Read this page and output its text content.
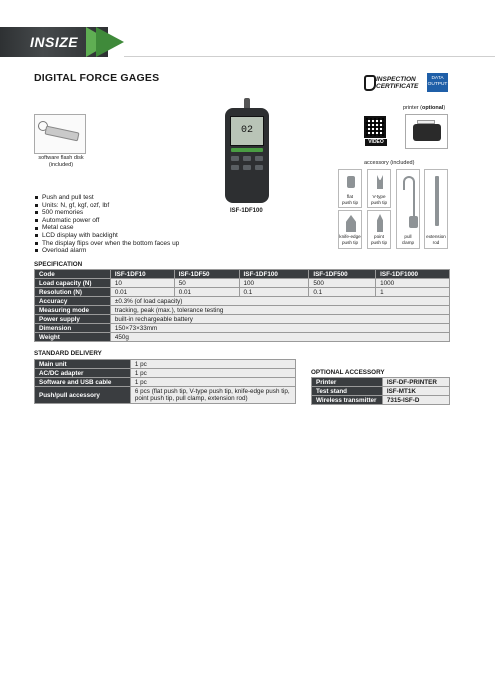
INSIZE
DIGITAL FORCE GAGES	INSPECTION
CERTIFICATE
DATA
OUTPUT
software flash disk
(included)
02
ISF-1DF100
VIDEO
printer (optional)
accessory (included)
flat
push tip
V-type
push tip
pull
clamp
extension
rod
knife-edge
push tip
point
push tip
Push and pull test
Units: N, gf, kgf, ozf, lbf
500 memories
Automatic power off
Metal case
LCD display with backlight
The display flips over when the bottom faces up
Overload alarm
SPECIFICATION
Code	ISF-1DF10	ISF-1DF50	ISF-1DF100	ISF-1DF500	ISF-1DF1000
Load capacity (N)	10	50	100	500	1000
Resolution (N)	0.01	0.01	0.1	0.1	1
Accuracy	±0.3% (of load capacity)				
Measuring mode	tracking, peak (max.), tolerance testing				
Power supply	built-in rechargeable battery				
Dimension	150×73×33mm				
Weight	450g				
STANDARD DELIVERY
Main unit	1 pc
AC/DC adapter	1 pc
Software and USB cable	1 pc
Push/pull accessory	6 pcs (flat push tip, V-type push tip, knife-edge push tip, point push tip, pull clamp, extension rod)
OPTIONAL ACCESSORY
Printer	ISF-DF-PRINTER
Test stand	ISF-MT1K
Wireless transmitter	7315-ISF-D
